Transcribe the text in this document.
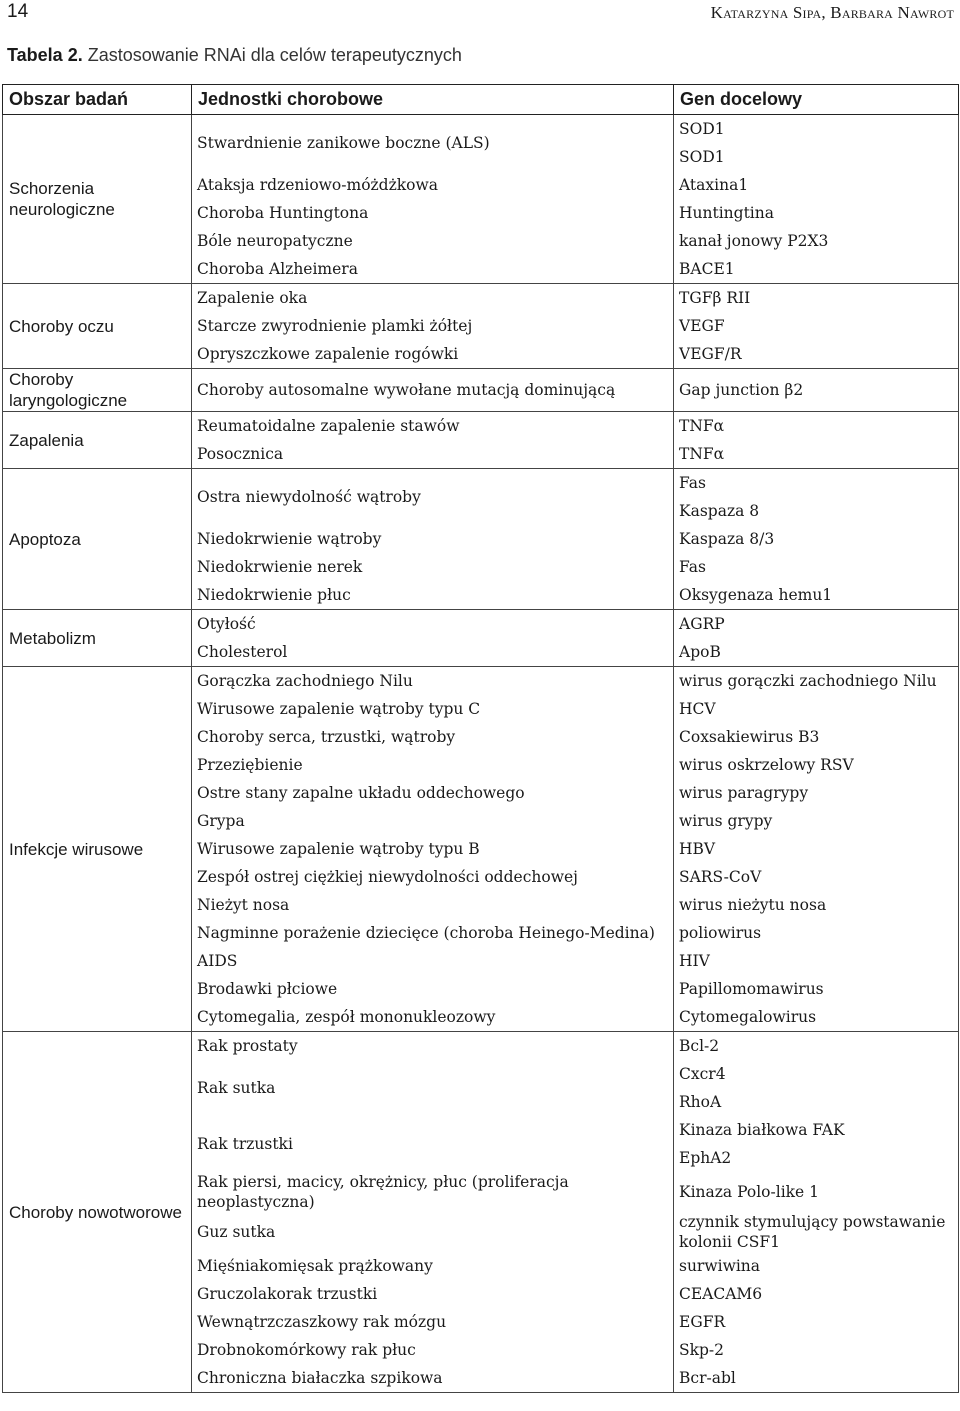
14	Katarzyna Sipa, Barbara Nawrot
Tabela 2. Zastosowanie RNAi dla celów terapeutycznych
Obszar badań	Jednostki chorobowe	Gen docelowy
Schorzenia neurologiczne	Stwardnienie zanikowe boczne (ALS)	SOD1
		SOD1
	Ataksja rdzeniowo-móżdżkowa	Ataxina1
	Choroba Huntingtona	Huntingtina
	Bóle neuropatyczne	kanał jonowy P2X3
	Choroba Alzheimera	BACE1
Choroby oczu	Zapalenie oka	TGFβ RII
	Starcze zwyrodnienie plamki żółtej	VEGF
	Opryszczkowe zapalenie rogówki	VEGF/R
Choroby laryngologiczne	Choroby autosomalne wywołane mutacją dominującą	Gap junction β2
Zapalenia	Reumatoidalne zapalenie stawów	TNFα
	Posocznica	TNFα
Apoptoza	Ostra niewydolność wątroby	Fas
		Kaspaza 8
	Niedokrwienie wątroby	Kaspaza 8/3
	Niedokrwienie nerek	Fas
	Niedokrwienie płuc	Oksygenaza hemu1
Metabolizm	Otyłość	AGRP
	Cholesterol	ApoB
Infekcje wirusowe	Gorączka zachodniego Nilu	wirus gorączki zachodniego Nilu
	Wirusowe zapalenie wątroby typu C	HCV
	Choroby serca, trzustki, wątroby	Coxsakiewirus B3
	Przeziębienie	wirus oskrzelowy RSV
	Ostre stany zapalne układu oddechowego	wirus paragrypy
	Grypa	wirus grypy
	Wirusowe zapalenie wątroby typu B	HBV
	Zespół ostrej ciężkiej niewydolności oddechowej	SARS-CoV
	Nieżyt nosa	wirus nieżytu nosa
	Nagminne porażenie dziecięce (choroba Heinego-Medina)	poliowirus
	AIDS	HIV
	Brodawki płciowe	Papillomomawirus
	Cytomegalia, zespół mononukleozowy	Cytomegalowirus
Choroby nowotworowe	Rak prostaty	Bcl-2
	Rak sutka	Cxcr4
		RhoA
	Rak trzustki	Kinaza białkowa FAK
		EphA2
	Rak piersi, macicy, okrężnicy, płuc (proliferacja neoplastyczna)	Kinaza Polo-like 1
	Guz sutka	czynnik stymulujący powstawanie kolonii CSF1
	Mięśniakomięsak prążkowany	surwiwina
	Gruczolakorak trzustki	CEACAM6
	Wewnątrzczaszkowy rak mózgu	EGFR
	Drobnokomórkowy rak płuc	Skp-2
	Chroniczna białaczka szpikowa	Bcr-abl
